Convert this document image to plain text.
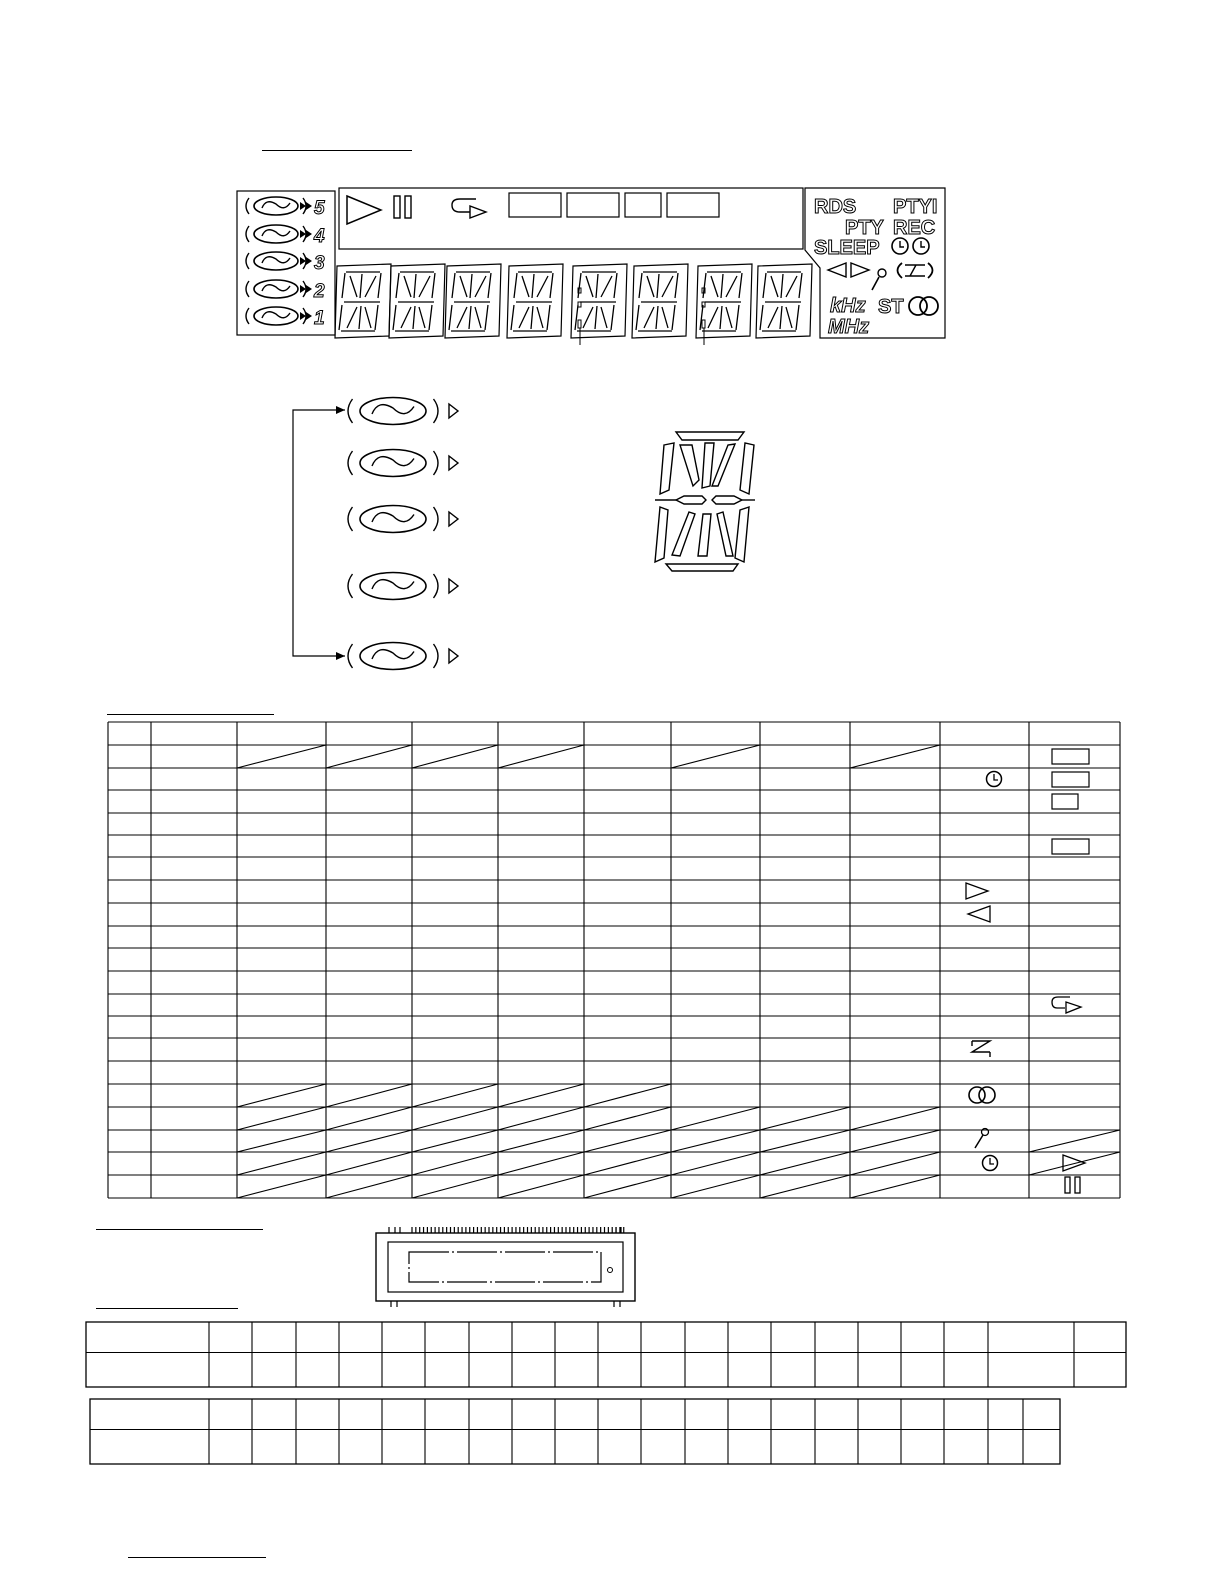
RDS PTYI
PTY REC
SLEEP
kHz
MHz
ST
5
4
3
2
1
